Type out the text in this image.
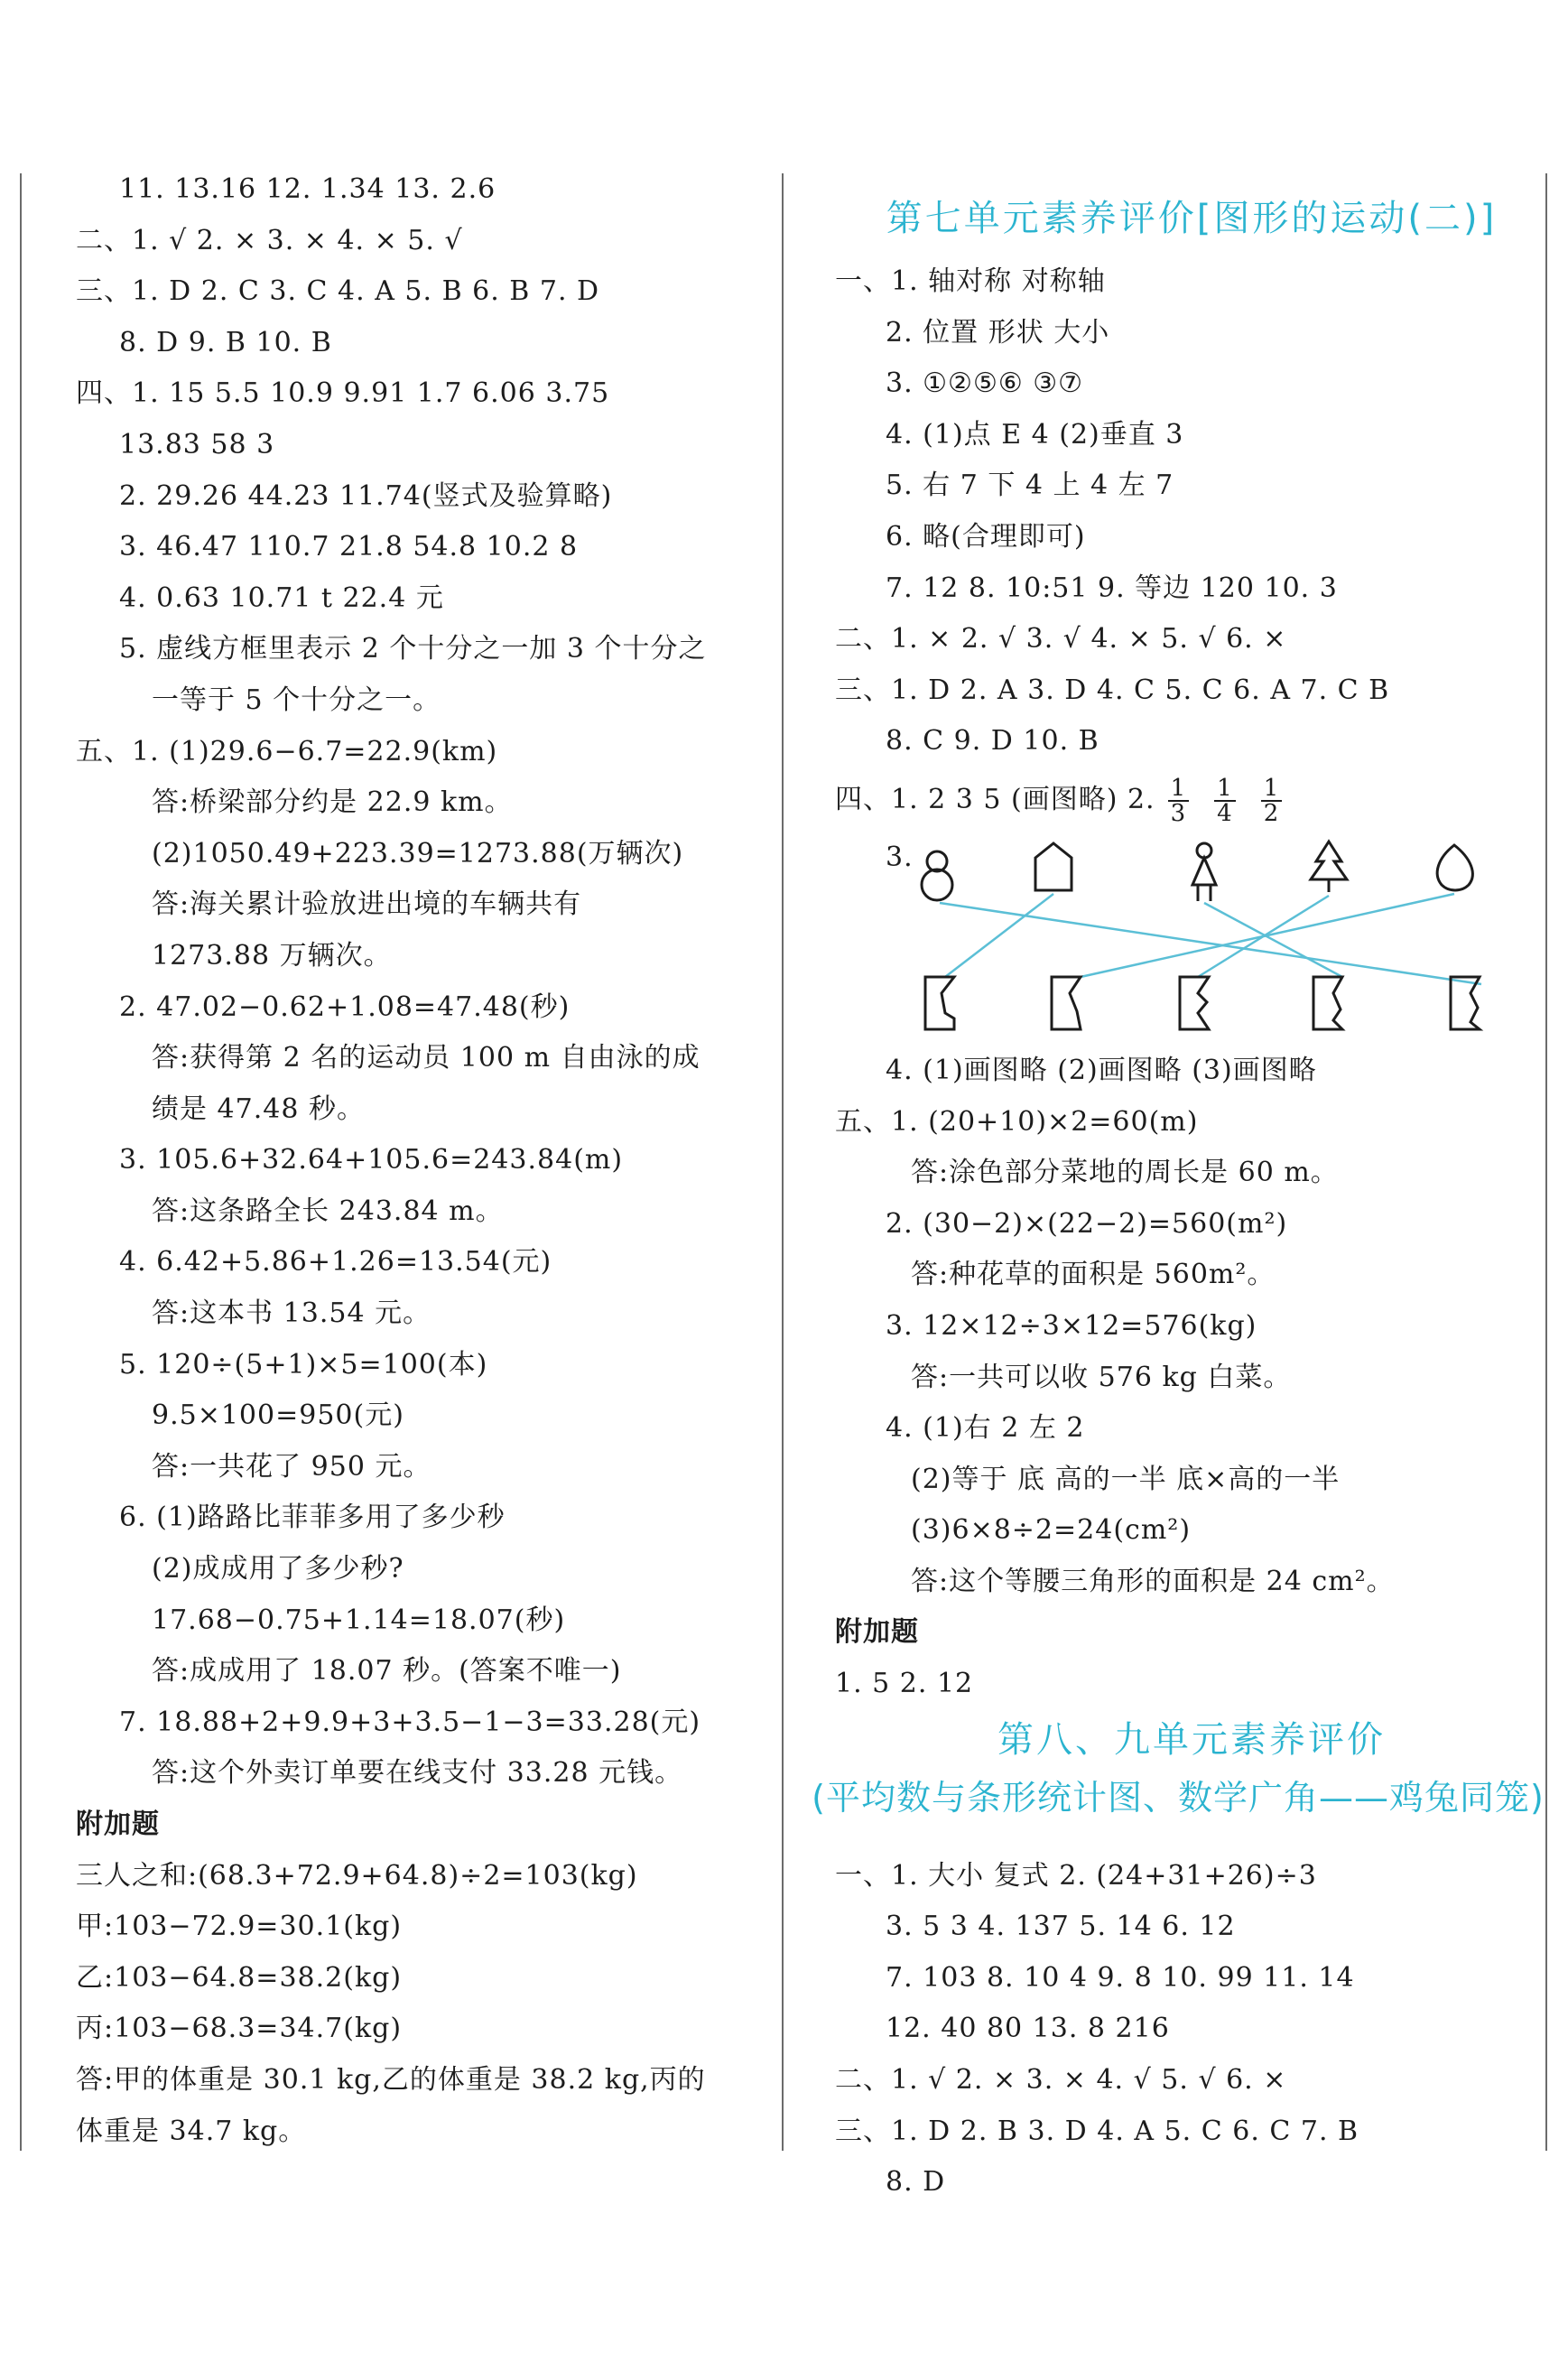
11. 13.16 12. 1.34 13. 2.6
二、1. √ 2. × 3. × 4. × 5. √
三、1. D 2. C 3. C 4. A 5. B 6. B 7. D
8. D 9. B 10. B
四、1. 15 5.5 10.9 9.91 1.7 6.06 3.75
13.83 58 3
2. 29.26 44.23 11.74(竖式及验算略)
3. 46.47 110.7 21.8 54.8 10.2 8
4. 0.63 10.71 t 22.4 元
5. 虚线方框里表示 2 个十分之一加 3 个十分之
一等于 5 个十分之一。
五、1. (1)29.6−6.7=22.9(km)
答:桥梁部分约是 22.9 km。
(2)1050.49+223.39=1273.88(万辆次)
答:海关累计验放进出境的车辆共有
1273.88 万辆次。
2. 47.02−0.62+1.08=47.48(秒)
答:获得第 2 名的运动员 100 m 自由泳的成
绩是 47.48 秒。
3. 105.6+32.64+105.6=243.84(m)
答:这条路全长 243.84 m。
4. 6.42+5.86+1.26=13.54(元)
答:这本书 13.54 元。
5. 120÷(5+1)×5=100(本)
9.5×100=950(元)
答:一共花了 950 元。
6. (1)路路比菲菲多用了多少秒
(2)成成用了多少秒?
17.68−0.75+1.14=18.07(秒)
答:成成用了 18.07 秒。(答案不唯一)
7. 18.88+2+9.9+3+3.5−1−3=33.28(元)
答:这个外卖订单要在线支付 33.28 元钱。
附加题
三人之和:(68.3+72.9+64.8)÷2=103(kg)
甲:103−72.9=30.1(kg)
乙:103−64.8=38.2(kg)
丙:103−68.3=34.7(kg)
答:甲的体重是 30.1 kg,乙的体重是 38.2 kg,丙的
体重是 34.7 kg。
第七单元素养评价[图形的运动(二)]
一、1. 轴对称 对称轴
2. 位置 形状 大小
3. ①②⑤⑥ ③⑦
4. (1)点 E 4 (2)垂直 3
5. 右 7 下 4 上 4 左 7
6. 略(合理即可)
7. 12 8. 10:51 9. 等边 120 10. 3
二、1. × 2. √ 3. √ 4. × 5. √ 6. ×
三、1. D 2. A 3. D 4. C 5. C 6. A 7. C B
8. C 9. D 10. B
四、1. 2 3 5 (画图略) 2. $\frac{1}{3} \frac{1}{4} \frac{1}{2}$
3.
4. (1)画图略 (2)画图略 (3)画图略
五、1. (20+10)×2=60(m)
答:涂色部分菜地的周长是 60 m。
2. (30−2)×(22−2)=560(m²)
答:种花草的面积是 560m²。
3. 12×12÷3×12=576(kg)
答:一共可以收 576 kg 白菜。
4. (1)右 2 左 2
(2)等于 底 高的一半 底×高的一半
(3)6×8÷2=24(cm²)
答:这个等腰三角形的面积是 24 cm²。
附加题
1. 5 2. 12
第八、九单元素养评价
(平均数与条形统计图、数学广角——鸡兔同笼)
一、1. 大小 复式 2. (24+31+26)÷3
3. 5 3 4. 137 5. 14 6. 12
7. 103 8. 10 4 9. 8 10. 99 11. 14
12. 40 80 13. 8 216
二、1. √ 2. × 3. × 4. √ 5. √ 6. ×
三、1. D 2. B 3. D 4. A 5. C 6. C 7. B
8. D
